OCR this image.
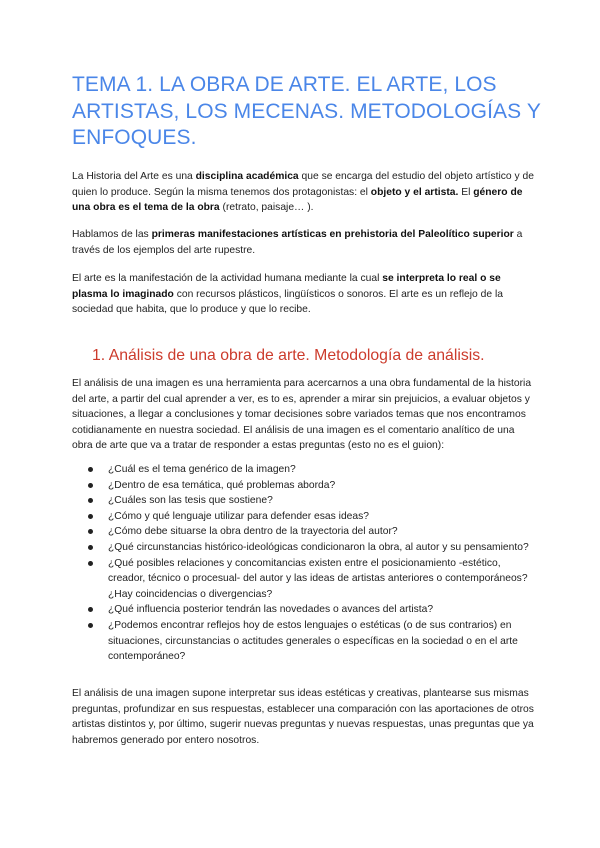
TEMA 1. LA OBRA DE ARTE. EL ARTE, LOS ARTISTAS, LOS MECENAS. METODOLOGÍAS Y ENFOQUES.

La Historia del Arte es una disciplina académica que se encarga del estudio del objeto artístico y de quien lo produce. Según la misma tenemos dos protagonistas: el objeto y el artista. El género de una obra es el tema de la obra (retrato, paisaje… ).

Hablamos de las primeras manifestaciones artísticas en prehistoria del Paleolítico superior a través de los ejemplos del arte rupestre.

El arte es la manifestación de la actividad humana mediante la cual se interpreta lo real o se plasma lo imaginado con recursos plásticos, lingüísticos o sonoros. El arte es un reflejo de la sociedad que habita, que lo produce y que lo recibe.

1. Análisis de una obra de arte. Metodología de análisis.

El análisis de una imagen es una herramienta para acercarnos a una obra fundamental de la historia del arte, a partir del cual aprender a ver, es to es, aprender a mirar sin prejuicios, a evaluar objetos y situaciones, a llegar a conclusiones y tomar decisiones sobre variados temas que nos encontramos cotidianamente en nuestra sociedad. El análisis de una imagen es el comentario analítico de una obra de arte que va a tratar de responder a estas preguntas (esto no es el guion):

¿Cuál es el tema genérico de la imagen?
¿Dentro de esa temática, qué problemas aborda?
¿Cuáles son las tesis que sostiene?
¿Cómo y qué lenguaje utilizar para defender esas ideas?
¿Cómo debe situarse la obra dentro de la trayectoria del autor?
¿Qué circunstancias histórico-ideológicas condicionaron la obra, al autor y su pensamiento?
¿Qué posibles relaciones y concomitancias existen entre el posicionamiento -estético, creador, técnico o procesual- del autor y las ideas de artistas anteriores o contemporáneos? ¿Hay coincidencias o divergencias?
¿Qué influencia posterior tendrán las novedades o avances del artista?
¿Podemos encontrar reflejos hoy de estos lenguajes o estéticas (o de sus contrarios) en situaciones, circunstancias o actitudes generales o específicas en la sociedad o en el arte contemporáneo?

El análisis de una imagen supone interpretar sus ideas estéticas y creativas, plantearse sus mismas preguntas, profundizar en sus respuestas, establecer una comparación con las aportaciones de otros artistas distintos y, por último, sugerir nuevas preguntas y nuevas respuestas, unas preguntas que ya habremos generado por entero nosotros.
